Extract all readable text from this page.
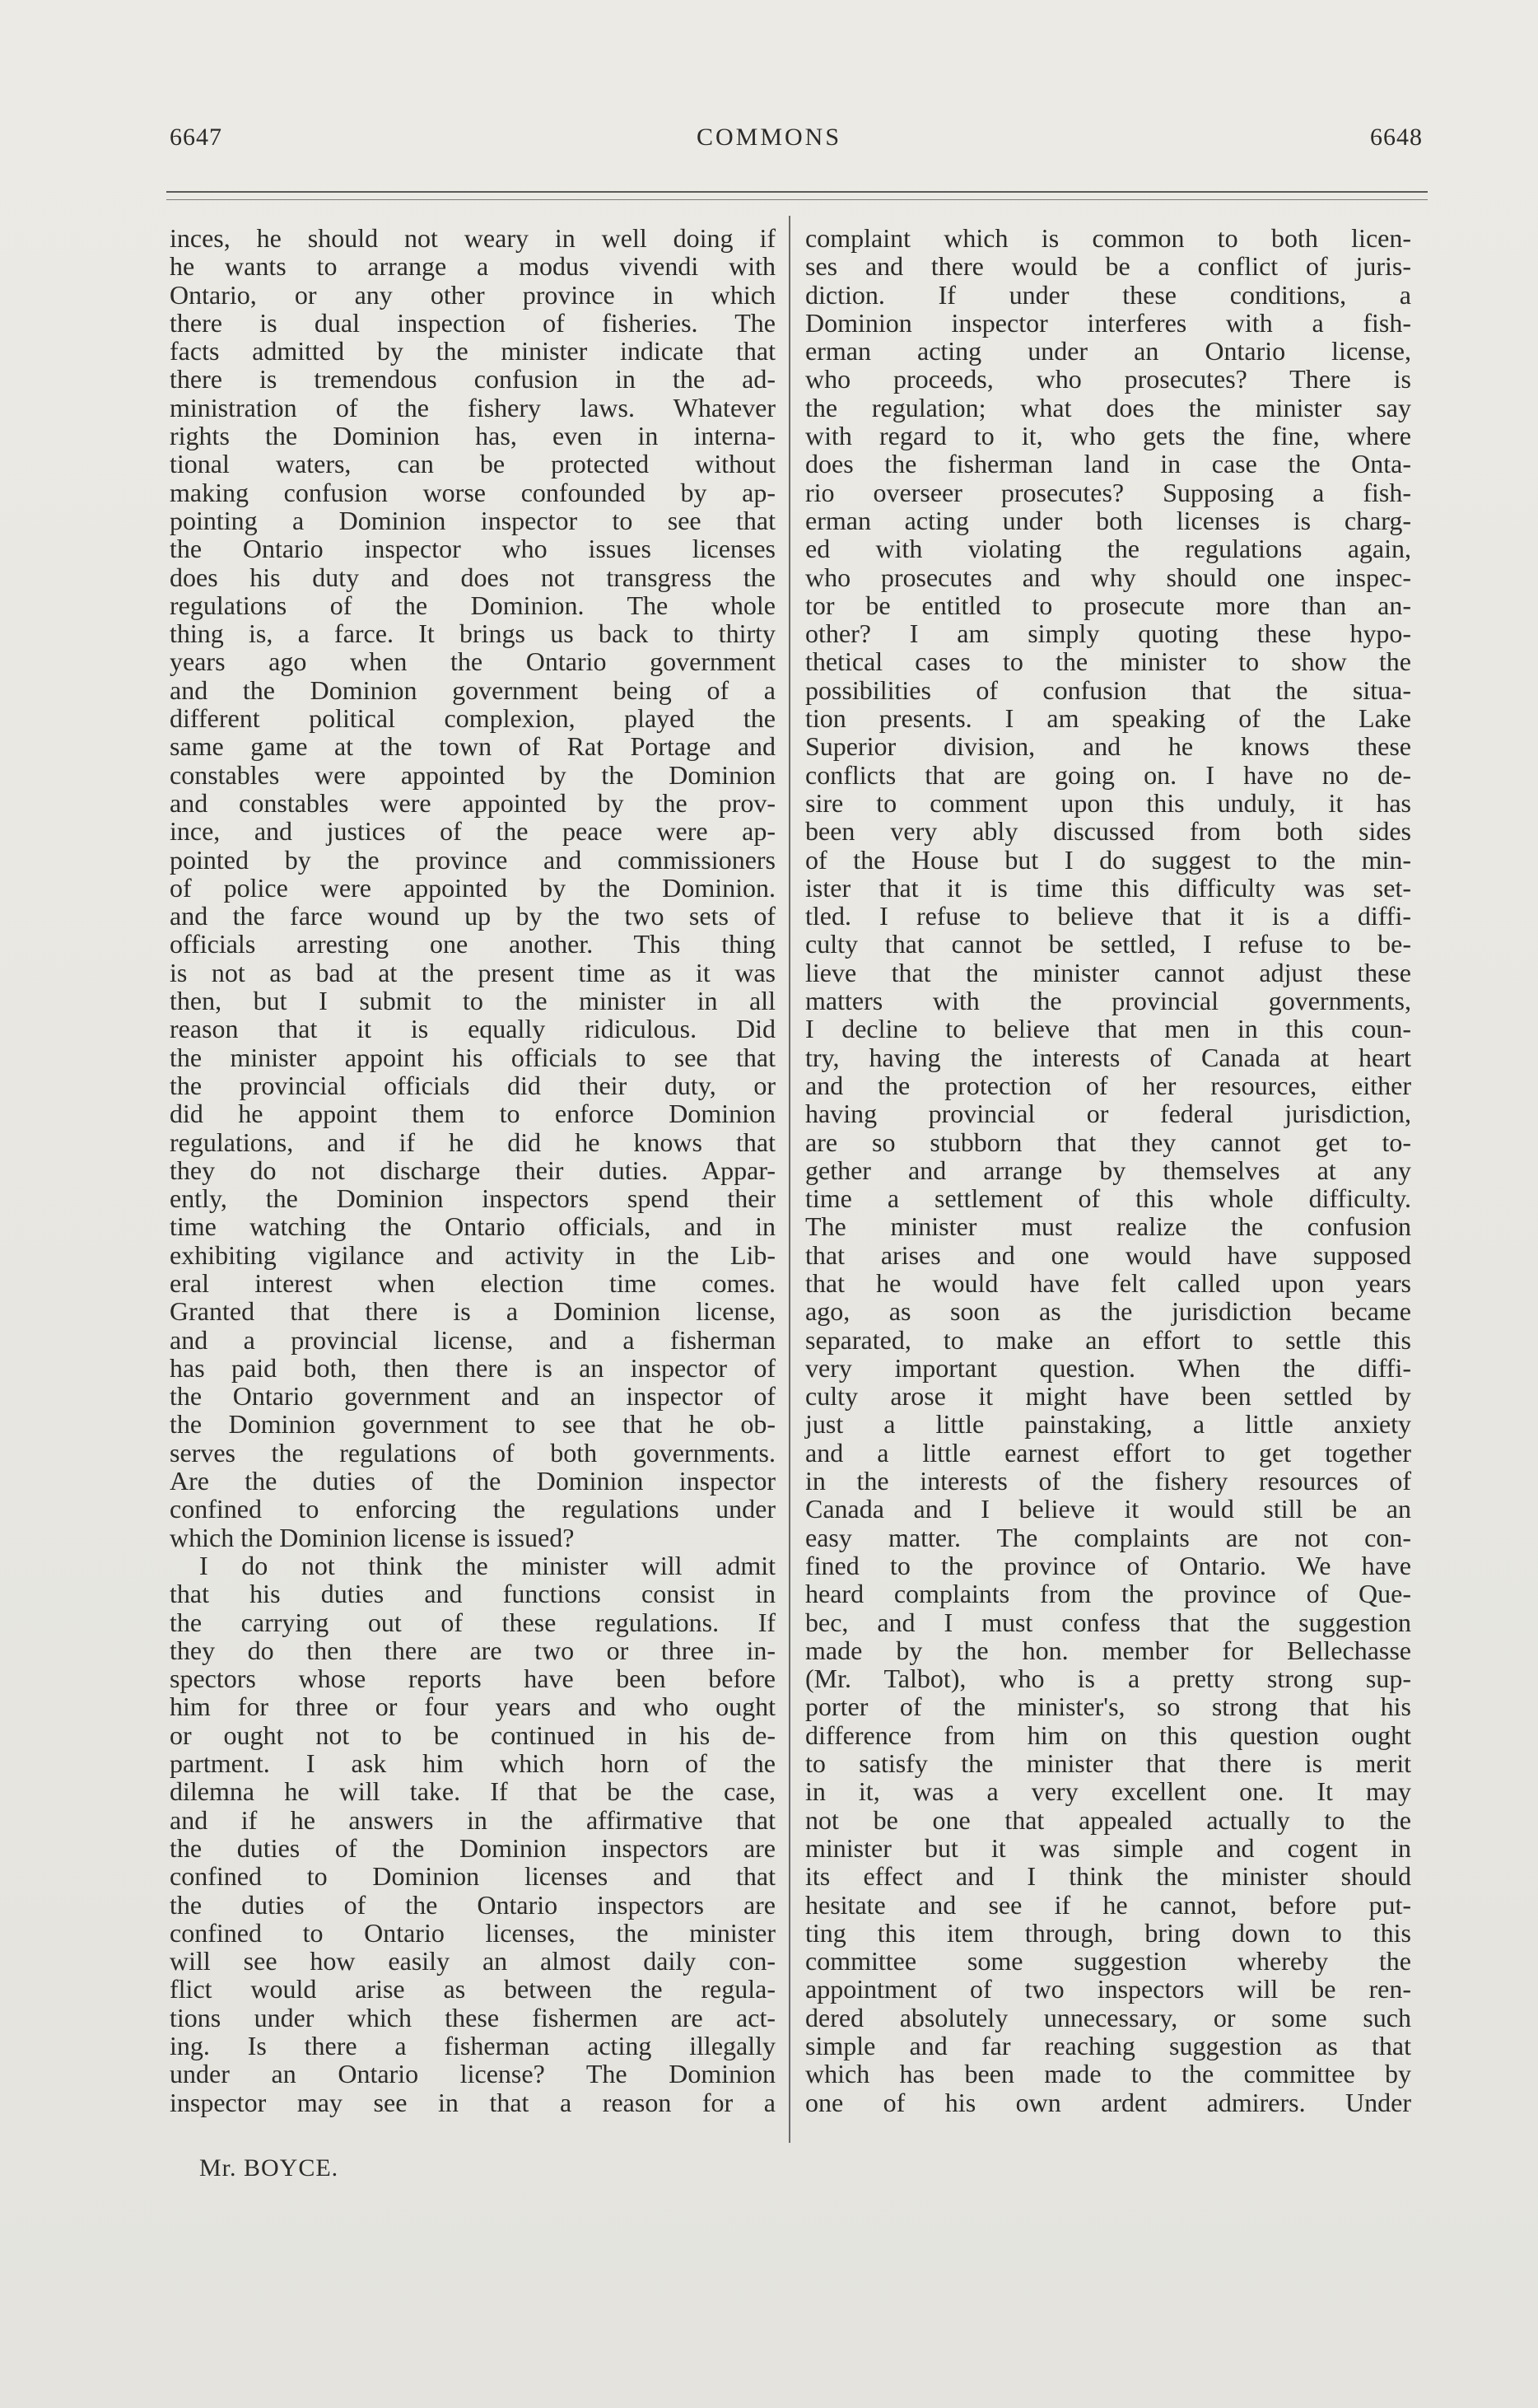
6647	COMMONS	6648
inces, he should not weary in well doing if
he wants to arrange a modus vivendi with
Ontario, or any other province in which
there is dual inspection of fisheries. The
facts admitted by the minister indicate that
there is tremendous confusion in the ad-
ministration of the fishery laws. Whatever
rights the Dominion has, even in interna-
tional waters, can be protected without
making confusion worse confounded by ap-
pointing a Dominion inspector to see that
the Ontario inspector who issues licenses
does his duty and does not transgress the
regulations of the Dominion. The whole
thing is, a farce. It brings us back to thirty
years ago when the Ontario government
and the Dominion government being of a
different political complexion, played the
same game at the town of Rat Portage and
constables were appointed by the Dominion
and constables were appointed by the prov-
ince, and justices of the peace were ap-
pointed by the province and commissioners
of police were appointed by the Dominion.
and the farce wound up by the two sets of
officials arresting one another. This thing
is not as bad at the present time as it was
then, but I submit to the minister in all
reason that it is equally ridiculous. Did
the minister appoint his officials to see that
the provincial officials did their duty, or
did he appoint them to enforce Dominion
regulations, and if he did he knows that
they do not discharge their duties. Appar-
ently, the Dominion inspectors spend their
time watching the Ontario officials, and in
exhibiting vigilance and activity in the Lib-
eral interest when election time comes.
Granted that there is a Dominion license,
and a provincial license, and a fisherman
has paid both, then there is an inspector of
the Ontario government and an inspector of
the Dominion government to see that he ob-
serves the regulations of both governments.
Are the duties of the Dominion inspector
confined to enforcing the regulations under
which the Dominion license is issued?
I do not think the minister will admit
that his duties and functions consist in
the carrying out of these regulations. If
they do then there are two or three in-
spectors whose reports have been before
him for three or four years and who ought
or ought not to be continued in his de-
partment. I ask him which horn of the
dilemna he will take. If that be the case,
and if he answers in the affirmative that
the duties of the Dominion inspectors are
confined to Dominion licenses and that
the duties of the Ontario inspectors are
confined to Ontario licenses, the minister
will see how easily an almost daily con-
flict would arise as between the regula-
tions under which these fishermen are act-
ing. Is there a fisherman acting illegally
under an Ontario license? The Dominion
inspector may see in that a reason for a
complaint which is common to both licen-
ses and there would be a conflict of juris-
diction. If under these conditions, a
Dominion inspector interferes with a fish-
erman acting under an Ontario license,
who proceeds, who prosecutes? There is
the regulation; what does the minister say
with regard to it, who gets the fine, where
does the fisherman land in case the Onta-
rio overseer prosecutes? Supposing a fish-
erman acting under both licenses is charg-
ed with violating the regulations again,
who prosecutes and why should one inspec-
tor be entitled to prosecute more than an-
other? I am simply quoting these hypo-
thetical cases to the minister to show the
possibilities of confusion that the situa-
tion presents. I am speaking of the Lake
Superior division, and he knows these
conflicts that are going on. I have no de-
sire to comment upon this unduly, it has
been very ably discussed from both sides
of the House but I do suggest to the min-
ister that it is time this difficulty was set-
tled. I refuse to believe that it is a diffi-
culty that cannot be settled, I refuse to be-
lieve that the minister cannot adjust these
matters with the provincial governments,
I decline to believe that men in this coun-
try, having the interests of Canada at heart
and the protection of her resources, either
having provincial or federal jurisdiction,
are so stubborn that they cannot get to-
gether and arrange by themselves at any
time a settlement of this whole difficulty.
The minister must realize the confusion
that arises and one would have supposed
that he would have felt called upon years
ago, as soon as the jurisdiction became
separated, to make an effort to settle this
very important question. When the diffi-
culty arose it might have been settled by
just a little painstaking, a little anxiety
and a little earnest effort to get together
in the interests of the fishery resources of
Canada and I believe it would still be an
easy matter. The complaints are not con-
fined to the province of Ontario. We have
heard complaints from the province of Que-
bec, and I must confess that the suggestion
made by the hon. member for Bellechasse
(Mr. Talbot), who is a pretty strong sup-
porter of the minister's, so strong that his
difference from him on this question ought
to satisfy the minister that there is merit
in it, was a very excellent one. It may
not be one that appealed actually to the
minister but it was simple and cogent in
its effect and I think the minister should
hesitate and see if he cannot, before put-
ting this item through, bring down to this
committee some suggestion whereby the
appointment of two inspectors will be ren-
dered absolutely unnecessary, or some such
simple and far reaching suggestion as that
which has been made to the committee by
one of his own ardent admirers. Under
Mr. BOYCE.
